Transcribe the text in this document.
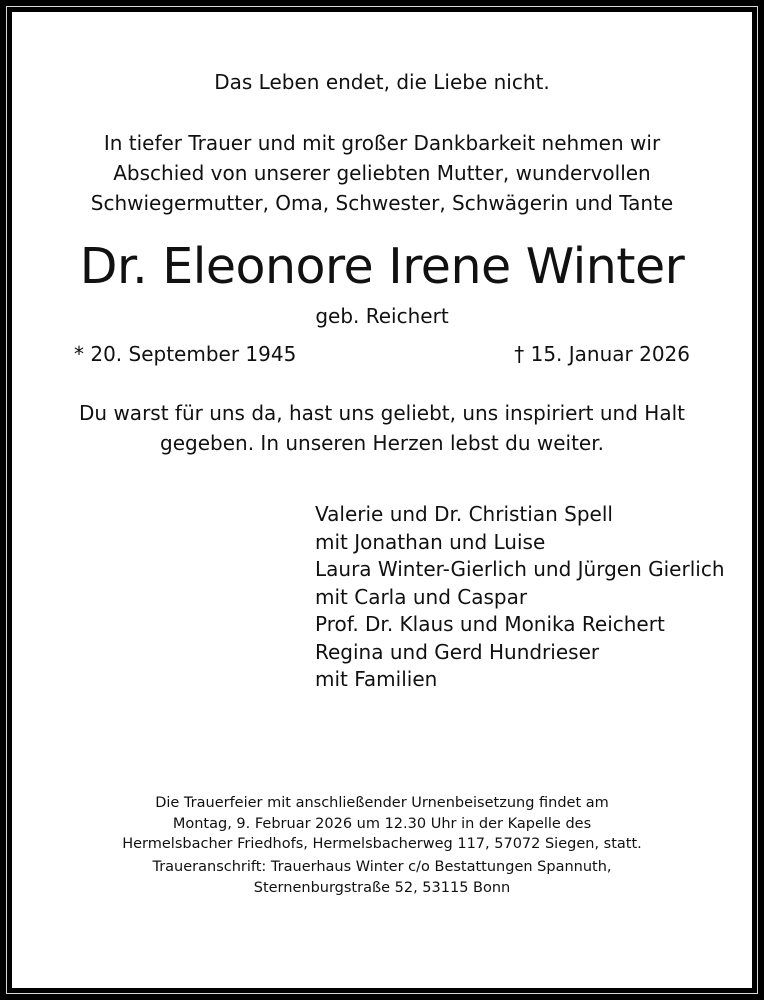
Das Leben endet, die Liebe nicht.
In tiefer Trauer und mit großer Dankbarkeit nehmen wir
Abschied von unserer geliebten Mutter, wundervollen
Schwiegermutter, Oma, Schwester, Schwägerin und Tante
Dr. Eleonore Irene Winter
geb. Reichert
* 20. September 1945	† 15. Januar 2026
Du warst für uns da, hast uns geliebt, uns inspiriert und Halt
gegeben. In unseren Herzen lebst du weiter.
Valerie und Dr. Christian Spell
mit Jonathan und Luise
Laura Winter-Gierlich und Jürgen Gierlich
mit Carla und Caspar
Prof. Dr. Klaus und Monika Reichert
Regina und Gerd Hundrieser
mit Familien
Die Trauerfeier mit anschließender Urnenbeisetzung findet am
Montag, 9. Februar 2026 um 12.30 Uhr in der Kapelle des
Hermelsbacher Friedhofs, Hermelsbacherweg 117, 57072 Siegen, statt.
Traueranschrift: Trauerhaus Winter c/o Bestattungen Spannuth,
Sternenburgstraße 52, 53115 Bonn
